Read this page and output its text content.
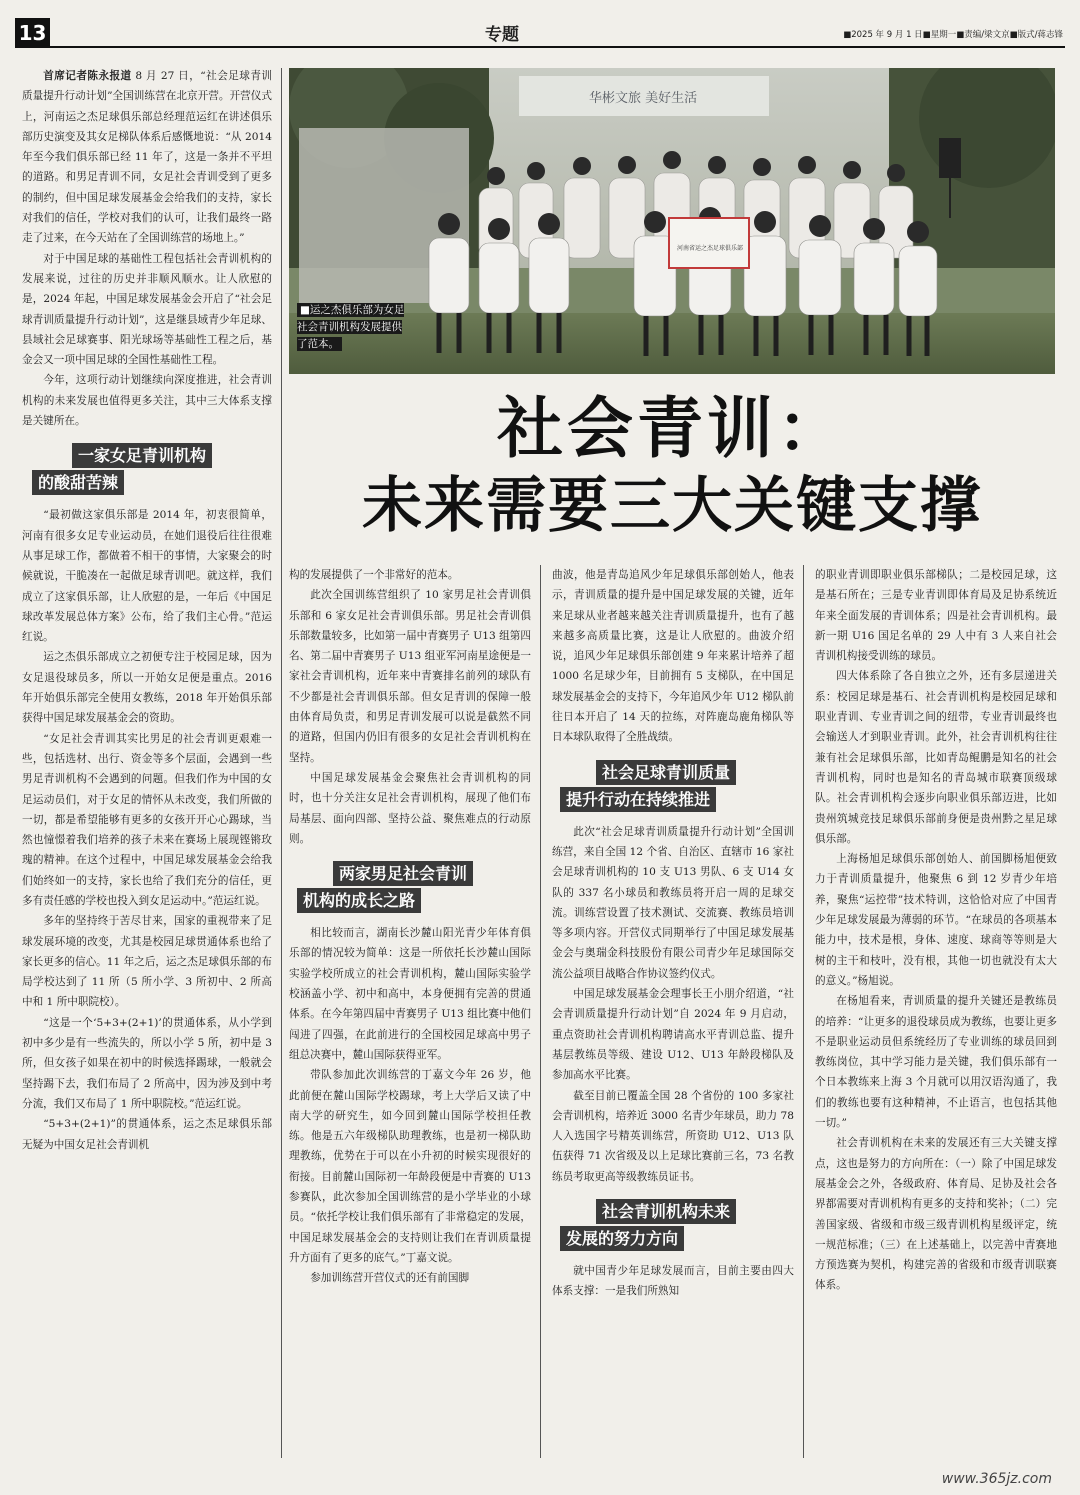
13	专题	■2025 年 9 月 1 日■星期一■责编/梁文京■版式/蒋志锋
华彬文旅 美好生活
河南省运之杰足球俱乐部
■运之杰俱乐部为女足社会青训机构发展提供了范本。
社会青训：
未来需要三大关键支撑

首席记者陈永报道 8 月 27 日，“社会足球青训质量提升行动计划”全国训练营在北京开营。开营仪式上，河南运之杰足球俱乐部总经理范运红在讲述俱乐部历史演变及其女足梯队体系后感慨地说：“从 2014 年至今我们俱乐部已经 11 年了，这是一条并不平坦的道路。和男足青训不同，女足社会青训受到了更多的制约，但中国足球发展基金会给我们的支持，家长对我们的信任，学校对我们的认可，让我们最终一路走了过来，在今天站在了全国训练营的场地上。”

对于中国足球的基础性工程包括社会青训机构的发展来说，过往的历史并非顺风顺水。让人欣慰的是，2024 年起，中国足球发展基金会开启了“社会足球青训质量提升行动计划”，这是继县域青少年足球、县域社会足球赛事、阳光球场等基础性工程之后，基金会又一项中国足球的全国性基础性工程。

今年，这项行动计划继续向深度推进，社会青训机构的未来发展也值得更多关注，其中三大体系支撑是关键所在。

一家女足青训机构
的酸甜苦辣

“最初做这家俱乐部是 2014 年，初衷很简单，河南有很多女足专业运动员，在她们退役后往往很难从事足球工作，都做着不相干的事情，大家聚会的时候就说，干脆凑在一起做足球青训吧。就这样，我们成立了这家俱乐部，让人欣慰的是，一年后《中国足球改革发展总体方案》公布，给了我们主心骨。”范运红说。

运之杰俱乐部成立之初便专注于校园足球，因为女足退役球员多，所以一开始女足便是重点。2016 年开始俱乐部完全使用女教练，2018 年开始俱乐部获得中国足球发展基金会的资助。

“女足社会青训其实比男足的社会青训更艰难一些，包括选材、出行、资金等多个层面，会遇到一些男足青训机构不会遇到的问题。但我们作为中国的女足运动员们，对于女足的情怀从未改变，我们所做的一切，都是希望能够有更多的女孩开开心心踢球，当然也憧憬着我们培养的孩子未来在赛场上展现铿锵玫瑰的精神。在这个过程中，中国足球发展基金会给我们始终如一的支持，家长也给了我们充分的信任，更多有责任感的学校也投入到女足运动中。”范运红说。

多年的坚持终于苦尽甘来，国家的重视带来了足球发展环境的改变，尤其是校园足球贯通体系也给了家长更多的信心。11 年之后，运之杰足球俱乐部的布局学校达到了 11 所（5 所小学、3 所初中、2 所高中和 1 所中职院校）。

“这是一个‘5+3+(2+1)’的贯通体系，从小学到初中多少是有一些流失的，所以小学 5 所，初中是 3 所，但女孩子如果在初中的时候选择踢球，一般就会坚持踢下去，我们布局了 2 所高中，因为涉及到中考分流，我们又布局了 1 所中职院校。”范运红说。

“5+3+(2+1)”的贯通体系，运之杰足球俱乐部无疑为中国女足社会青训机

构的发展提供了一个非常好的范本。

此次全国训练营组织了 10 家男足社会青训俱乐部和 6 家女足社会青训俱乐部。男足社会青训俱乐部数量较多，比如第一届中青赛男子 U13 组第四名、第二届中青赛男子 U13 组亚军河南星途便是一家社会青训机构，近年来中青赛排名前列的球队有不少都是社会青训俱乐部。但女足青训的保障一般由体育局负责，和男足青训发展可以说是截然不同的道路，但国内仍旧有很多的女足社会青训机构在坚持。

中国足球发展基金会聚焦社会青训机构的同时，也十分关注女足社会青训机构，展现了他们布局基层、面向四部、坚持公益、聚焦难点的行动原则。

两家男足社会青训
机构的成长之路

相比较而言，湖南长沙麓山阳光青少年体育俱乐部的情况较为简单：这是一所依托长沙麓山国际实验学校所成立的社会青训机构，麓山国际实验学校涵盖小学、初中和高中，本身便拥有完善的贯通体系。在今年第四届中青赛男子 U13 组比赛中他们闯进了四强，在此前进行的全国校园足球高中男子组总决赛中，麓山国际获得亚军。

带队参加此次训练营的丁嘉文今年 26 岁，他此前便在麓山国际学校踢球，考上大学后又读了中南大学的研究生，如今回到麓山国际学校担任教练。他是五六年级梯队助理教练，也是初一梯队助理教练，优势在于可以在小升初的时候实现很好的衔接。目前麓山国际初一年龄段便是中青赛的 U13 参赛队，此次参加全国训练营的是小学毕业的小球员。“依托学校让我们俱乐部有了非常稳定的发展，中国足球发展基金会的支持则让我们在青训质量提升方面有了更多的底气。”丁嘉文说。

参加训练营开营仪式的还有前国脚

曲波，他是青岛追风少年足球俱乐部创始人，他表示，青训质量的提升是中国足球发展的关键，近年来足球从业者越来越关注青训质量提升，也有了越来越多高质量比赛，这是让人欣慰的。曲波介绍说，追风少年足球俱乐部创建 9 年来累计培养了超 1000 名足球少年，目前拥有 5 支梯队，在中国足球发展基金会的支持下，今年追风少年 U12 梯队前往日本开启了 14 天的拉练，对阵鹿岛鹿角梯队等日本球队取得了全胜战绩。

社会足球青训质量
提升行动在持续推进

此次“社会足球青训质量提升行动计划”全国训练营，来自全国 12 个省、自治区、直辖市 16 家社会足球青训机构的 10 支 U13 男队、6 支 U14 女队的 337 名小球员和教练员将开启一周的足球交流。训练营设置了技术测试、交流赛、教练员培训等多项内容。开营仪式同期举行了中国足球发展基金会与奥瑞金科技股份有限公司青少年足球国际交流公益项目战略合作协议签约仪式。

中国足球发展基金会理事长王小朋介绍道，“社会青训质量提升行动计划”自 2024 年 9 月启动，重点资助社会青训机构聘请高水平青训总监、提升基层教练员等级、建设 U12、U13 年龄段梯队及参加高水平比赛。

截至目前已覆盖全国 28 个省份的 100 多家社会青训机构，培养近 3000 名青少年球员，助力 78 人入选国字号精英训练营，所资助 U12、U13 队伍获得 71 次省级及以上足球比赛前三名，73 名教练员考取更高等级教练员证书。

社会青训机构未来
发展的努力方向

就中国青少年足球发展而言，目前主要由四大体系支撑：一是我们所熟知

的职业青训即职业俱乐部梯队；二是校园足球，这是基石所在；三是专业青训即体育局及足协系统近年来全面发展的青训体系；四是社会青训机构。最新一期 U16 国足名单的 29 人中有 3 人来自社会青训机构接受训练的球员。

四大体系除了各自独立之外，还有多层递进关系：校园足球是基石、社会青训机构是校园足球和职业青训、专业青训之间的纽带，专业青训最终也会输送人才到职业青训。此外，社会青训机构往往兼有社会足球俱乐部，比如青岛鲲鹏是知名的社会青训机构，同时也是知名的青岛城市联赛顶级球队。社会青训机构会逐步向职业俱乐部迈进，比如贵州筑城竞技足球俱乐部前身便是贵州黔之星足球俱乐部。

上海杨旭足球俱乐部创始人、前国脚杨旭便致力于青训质量提升，他聚焦 6 到 12 岁青少年培养，聚焦“运控带”技术特训，这恰恰对应了中国青少年足球发展最为薄弱的环节。“在球员的各项基本能力中，技术是根，身体、速度、球商等等则是大树的主干和枝叶，没有根，其他一切也就没有太大的意义。”杨旭说。

在杨旭看来，青训质量的提升关键还是教练员的培养：“让更多的退役球员成为教练，也要让更多不是职业运动员但系统经历了专业训练的球员回到教练岗位，其中学习能力是关键，我们俱乐部有一个日本教练来上海 3 个月就可以用汉语沟通了，我们的教练也要有这种精神，不止语言，也包括其他一切。”

社会青训机构在未来的发展还有三大关键支撑点，这也是努力的方向所在：（一）除了中国足球发展基金会之外，各级政府、体育局、足协及社会各界都需要对青训机构有更多的支持和奖补；（二）完善国家级、省级和市级三级青训机构星级评定，统一规范标准；（三）在上述基础上，以完善中青赛地方预选赛为契机，构建完善的省级和市级青训联赛体系。

www.365jz.com
